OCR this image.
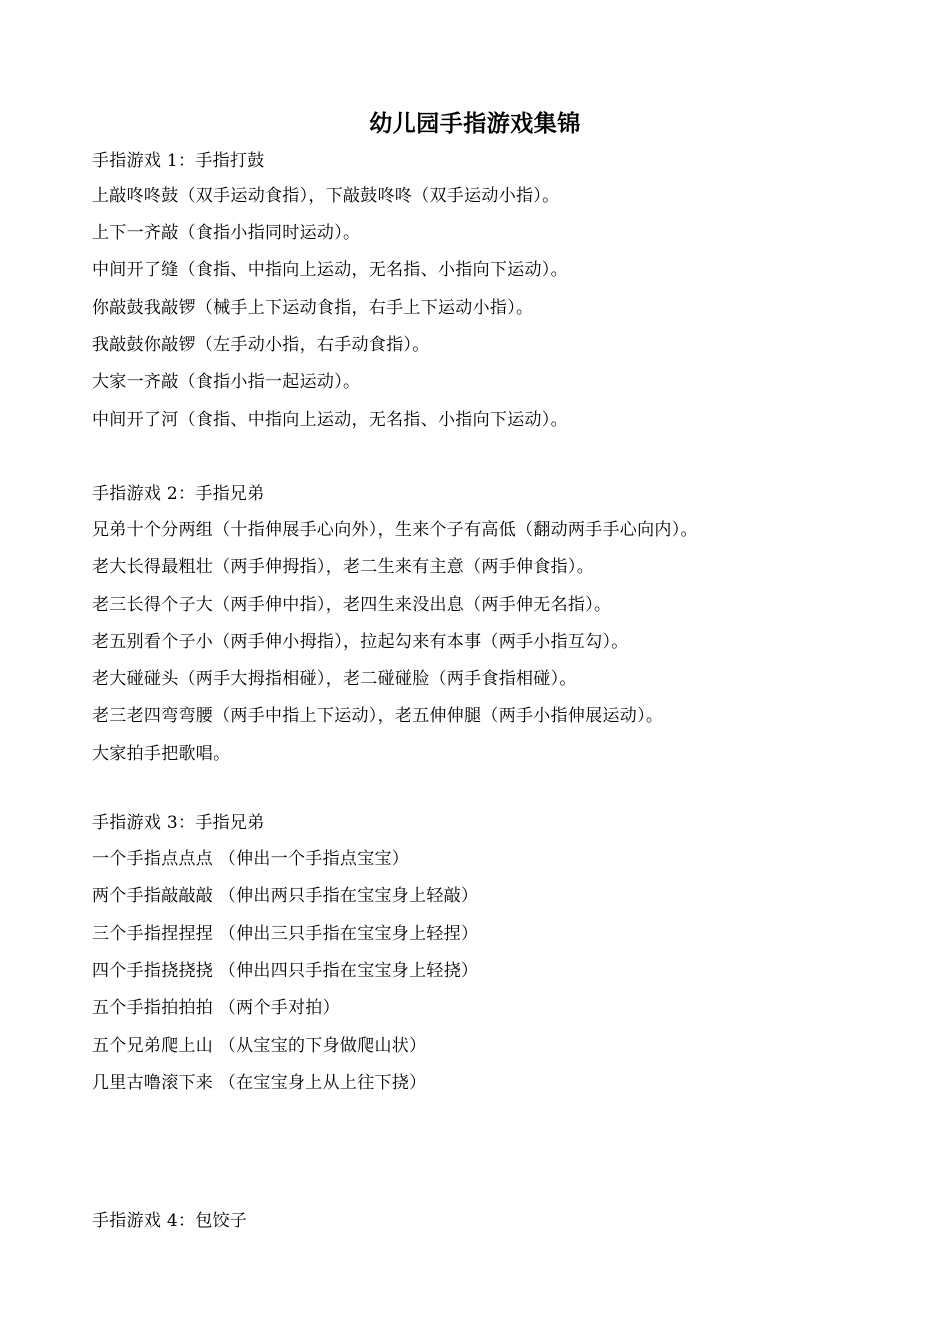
幼儿园手指游戏集锦
手指游戏 1：手指打鼓
上敲咚咚鼓（双手运动食指），下敲鼓咚咚（双手运动小指）。
上下一齐敲（食指小指同时运动）。
中间开了缝（食指、中指向上运动，无名指、小指向下运动）。
你敲鼓我敲锣（械手上下运动食指，右手上下运动小指）。
我敲鼓你敲锣（左手动小指，右手动食指）。
大家一齐敲（食指小指一起运动）。
中间开了河（食指、中指向上运动，无名指、小指向下运动）。
手指游戏 2：手指兄弟
兄弟十个分两组（十指伸展手心向外），生来个子有高低（翻动两手手心向内）。
老大长得最粗壮（两手伸拇指），老二生来有主意（两手伸食指）。
老三长得个子大（两手伸中指），老四生来没出息（两手伸无名指）。
老五别看个子小（两手伸小拇指），拉起勾来有本事（两手小指互勾）。
老大碰碰头（两手大拇指相碰），老二碰碰脸（两手食指相碰）。
老三老四弯弯腰（两手中指上下运动），老五伸伸腿（两手小指伸展运动）。
大家拍手把歌唱。
手指游戏 3：手指兄弟
一个手指点点点 （伸出一个手指点宝宝）
两个手指敲敲敲 （伸出两只手指在宝宝身上轻敲）
三个手指捏捏捏 （伸出三只手指在宝宝身上轻捏）
四个手指挠挠挠 （伸出四只手指在宝宝身上轻挠）
五个手指拍拍拍 （两个手对拍）
五个兄弟爬上山 （从宝宝的下身做爬山状）
几里古噜滚下来 （在宝宝身上从上往下挠）
手指游戏 4：包饺子
